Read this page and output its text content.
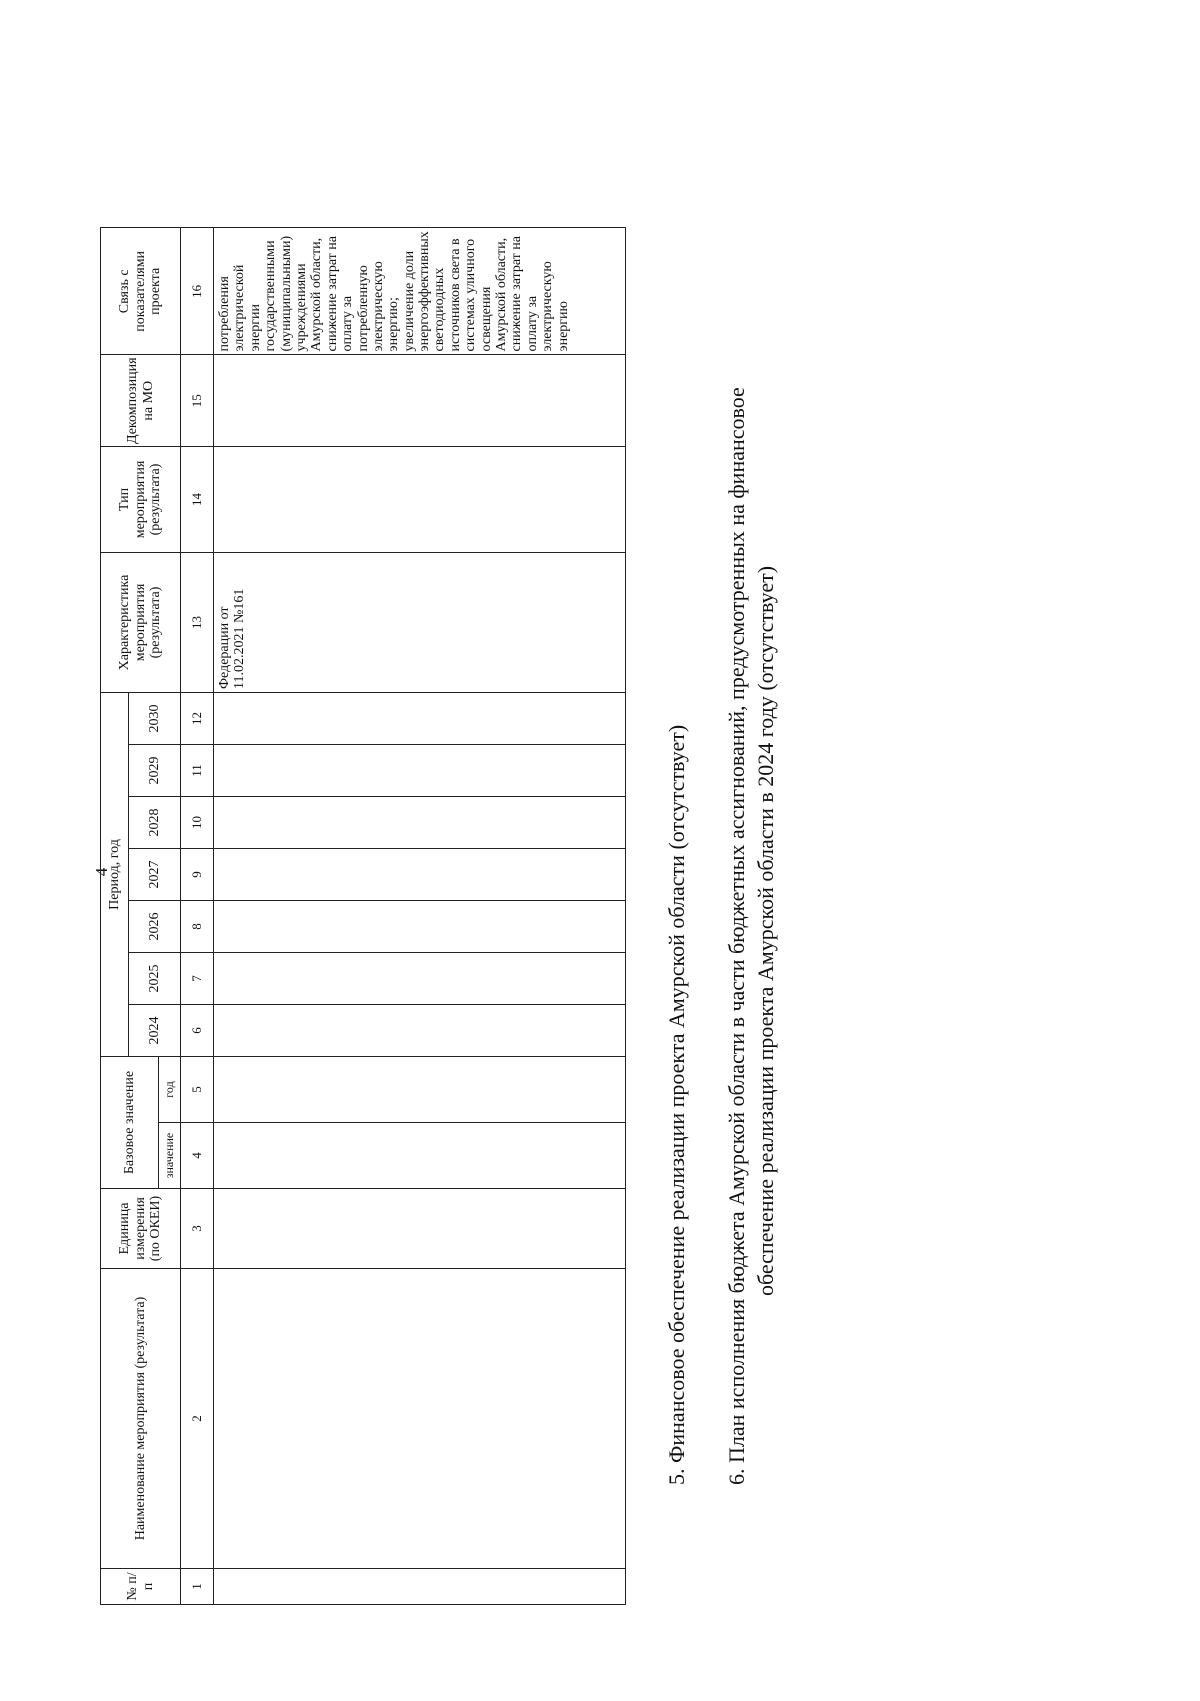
4
№ п/п	Наименование мероприятия (результата)	Единица измерения (по ОКЕИ)	Базовое значение		Период, год							Характеристика мероприятия (результата)	Тип мероприятия (результата)	Декомпозиция на МО	Связь с показателями проекта
					2024	2025	2026	2027	2028	2029	2030				
			значение	год											
1	2	3	4	5	6	7	8	9	10	11	12	13	14	15	16
												Федерации от 11.02.2021 №161			потребления электрической энергии государственными (муниципальными) учреждениями Амурской области, снижение затрат на оплату за потребленную электрическую энергию; увеличение доли энергоэффективных светодиодных источников света в системах уличного освещения Амурской области, снижение затрат на оплату за электрическую энергию
5. Финансовое обеспечение реализации проекта Амурской области (отсутствует) 6. План исполнения бюджета Амурской области в части бюджетных ассигнований, предусмотренных на финансовое обеспечение реализации проекта Амурской области в 2024 году (отсутствует)
